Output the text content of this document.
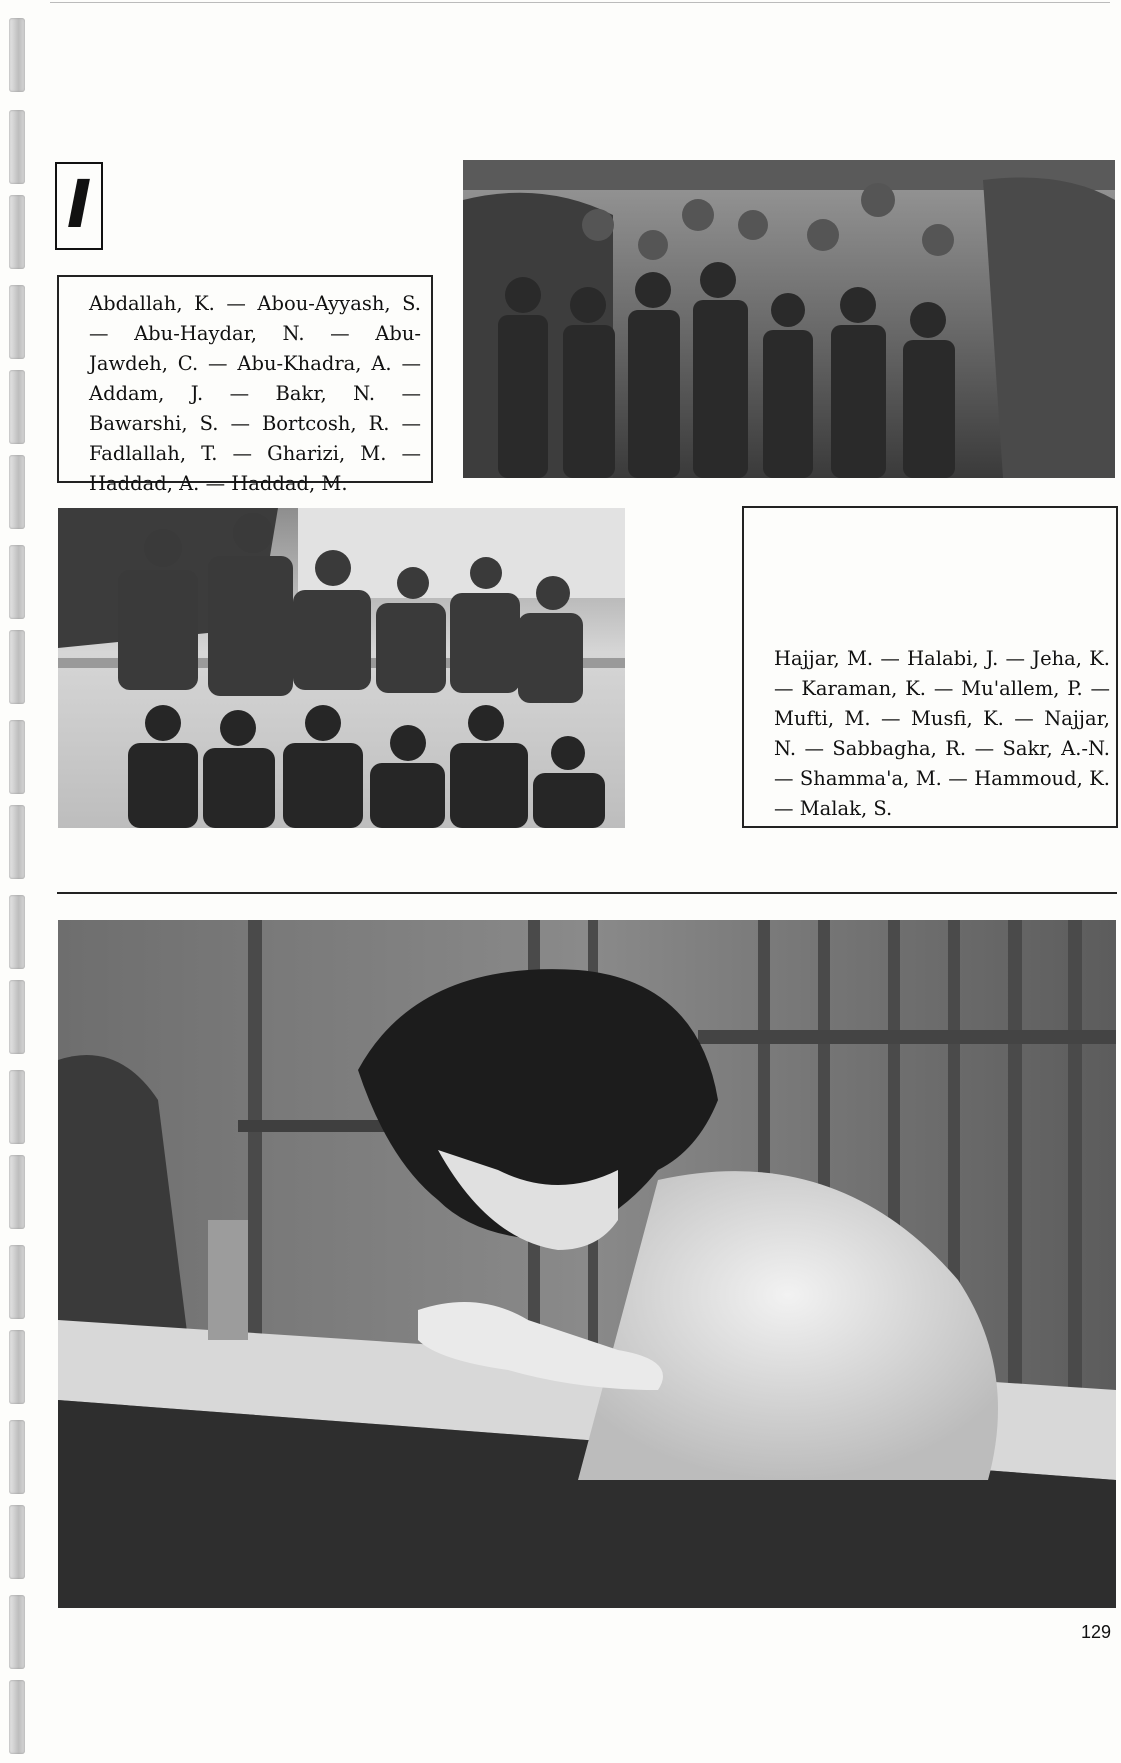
I
Abdallah, K. — Abou-Ayyash, S. — Abu-Haydar, N. — Abu-Jawdeh, C. — Abu-Khadra, A. — Addam, J. — Bakr, N. — Bawarshi, S. — Bortcosh, R. — Fadlallah, T. — Gharizi, M. — Haddad, A. — Haddad, M.
Hajjar, M. — Halabi, J. — Jeha, K. — Karaman, K. — Mu'allem, P. — Mufti, M. — Musfi, K. — Najjar, N. — Sabbagha, R. — Sakr, A.-N. — Shamma'a, M. — Hammoud, K. — Malak, S.
129
